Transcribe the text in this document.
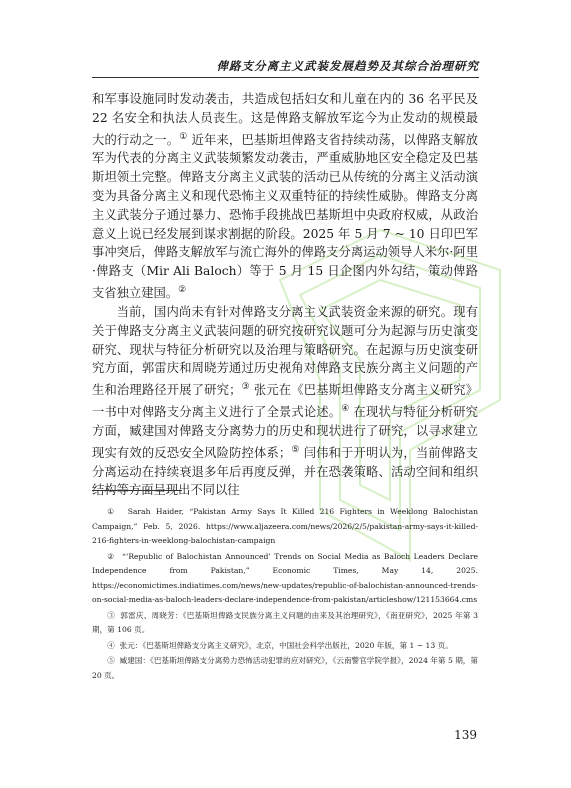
俾路支分离主义武装发展趋势及其综合治理研究

和军事设施同时发动袭击，共造成包括妇女和儿童在内的 36 名平民及 22 名安全和执法人员丧生。这是俾路支解放军迄今为止发动的规模最大的行动之一。① 近年来，巴基斯坦俾路支省持续动荡，以俾路支解放军为代表的分离主义武装频繁发动袭击，严重威胁地区安全稳定及巴基斯坦领土完整。俾路支分离主义武装的活动已从传统的分离主义活动演变为具备分离主义和现代恐怖主义双重特征的持续性威胁。俾路支分离主义武装分子通过暴力、恐怖手段挑战巴基斯坦中央政府权威，从政治意义上说已经发展到谋求割据的阶段。2025 年 5 月 7 ~ 10 日印巴军事冲突后，俾路支解放军与流亡海外的俾路支分离运动领导人米尔·阿里·俾路支（Mir Ali Baloch）等于 5 月 15 日企图内外勾结，策动俾路支省独立建国。②

当前，国内尚未有针对俾路支分离主义武装资金来源的研究。现有关于俾路支分离主义武装问题的研究按研究议题可分为起源与历史演变研究、现状与特征分析研究以及治理与策略研究。在起源与历史演变研究方面，郭雷庆和周晓芳通过历史视角对俾路支民族分离主义问题的产生和治理路径开展了研究；③ 张元在《巴基斯坦俾路支分离主义研究》一书中对俾路支分离主义进行了全景式论述。④ 在现状与特征分析研究方面，臧建国对俾路支分离势力的历史和现状进行了研究，以寻求建立现实有效的反恐安全风险防控体系；⑤ 闫伟和于开明认为，当前俾路支分离运动在持续衰退多年后再度反弹，并在恐袭策略、活动空间和组织结构等方面呈现出不同以往

① Sarah Haider, “Pakistan Army Says It Killed 216 Fighters in Weeklong Balochistan Campaign,” Feb. 5, 2026. https://www.aljazeera.com/news/2026/2/5/pakistan-army-says-it-killed-216-fighters-in-weeklong-balochistan-campaign
② “‘Republic of Balochistan Announced’ Trends on Social Media as Baloch Leaders Declare Independence from Pakistan,” Economic Times, May 14, 2025. https://economictimes.indiatimes.com/news/new-updates/republic-of-balochistan-announced-trends-on-social-media-as-baloch-leaders-declare-independence-from-pakistan/articleshow/121153664.cms
③ 郭雷庆、周晓芳：《巴基斯坦俾路支民族分离主义问题的由来及其治理研究》，《南亚研究》，2025 年第 3 期，第 106 页。
④ 张元：《巴基斯坦俾路支分离主义研究》，北京，中国社会科学出版社，2020 年版，第 1 ~ 13 页。
⑤ 臧建国：《巴基斯坦俾路支分离势力恐怖活动犯罪的应对研究》，《云南警官学院学报》，2024 年第 5 期，第 20 页。
139
